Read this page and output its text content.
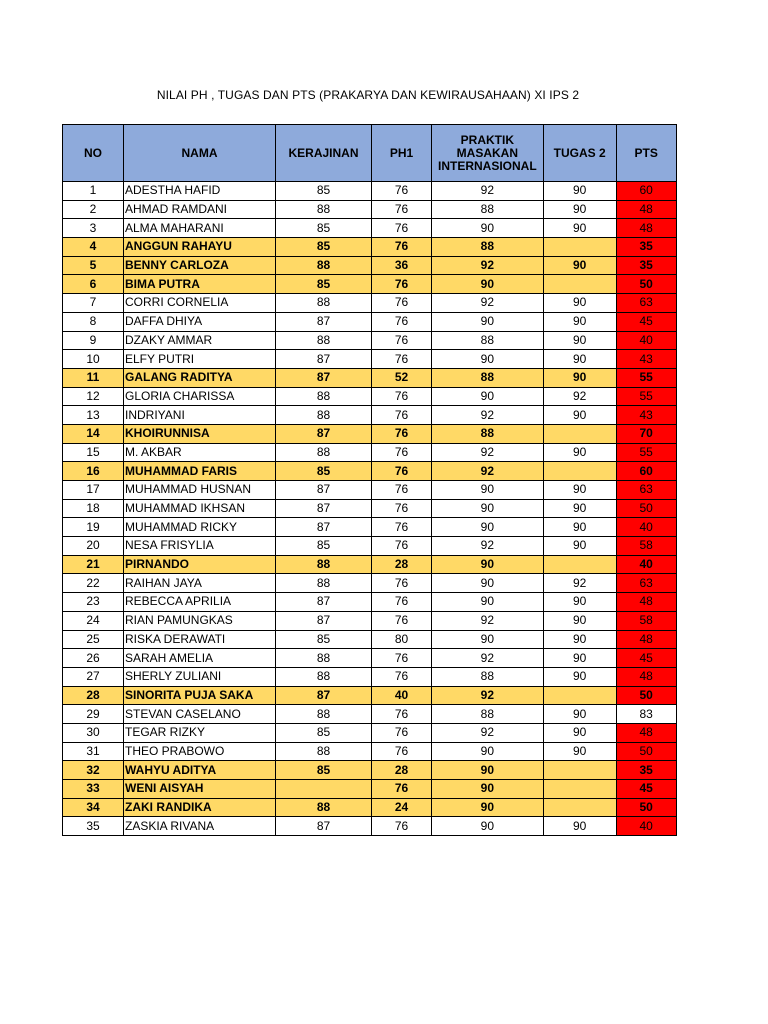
NILAI PH , TUGAS DAN PTS (PRAKARYA DAN KEWIRAUSAHAAN) XI IPS 2
NO	NAMA	KERAJINAN	PH1	PRAKTIK MASAKAN INTERNASIONAL	TUGAS 2	PTS
1	ADESTHA HAFID	85	76	92	90	60
2	AHMAD RAMDANI	88	76	88	90	48
3	ALMA MAHARANI	85	76	90	90	48
4	ANGGUN RAHAYU	85	76	88		35
5	BENNY CARLOZA	88	36	92	90	35
6	BIMA PUTRA	85	76	90		50
7	CORRI CORNELIA	88	76	92	90	63
8	DAFFA DHIYA	87	76	90	90	45
9	DZAKY AMMAR	88	76	88	90	40
10	ELFY PUTRI	87	76	90	90	43
11	GALANG RADITYA	87	52	88	90	55
12	GLORIA CHARISSA	88	76	90	92	55
13	INDRIYANI	88	76	92	90	43
14	KHOIRUNNISA	87	76	88		70
15	M. AKBAR	88	76	92	90	55
16	MUHAMMAD FARIS	85	76	92		60
17	MUHAMMAD HUSNAN	87	76	90	90	63
18	MUHAMMAD IKHSAN	87	76	90	90	50
19	MUHAMMAD RICKY	87	76	90	90	40
20	NESA FRISYLIA	85	76	92	90	58
21	PIRNANDO	88	28	90		40
22	RAIHAN JAYA	88	76	90	92	63
23	REBECCA APRILIA	87	76	90	90	48
24	RIAN PAMUNGKAS	87	76	92	90	58
25	RISKA DERAWATI	85	80	90	90	48
26	SARAH AMELIA	88	76	92	90	45
27	SHERLY ZULIANI	88	76	88	90	48
28	SINORITA PUJA SAKA	87	40	92		50
29	STEVAN CASELANO	88	76	88	90	83
30	TEGAR RIZKY	85	76	92	90	48
31	THEO PRABOWO	88	76	90	90	50
32	WAHYU ADITYA	85	28	90		35
33	WENI AISYAH		76	90		45
34	ZAKI RANDIKA	88	24	90		50
35	ZASKIA RIVANA	87	76	90	90	40
